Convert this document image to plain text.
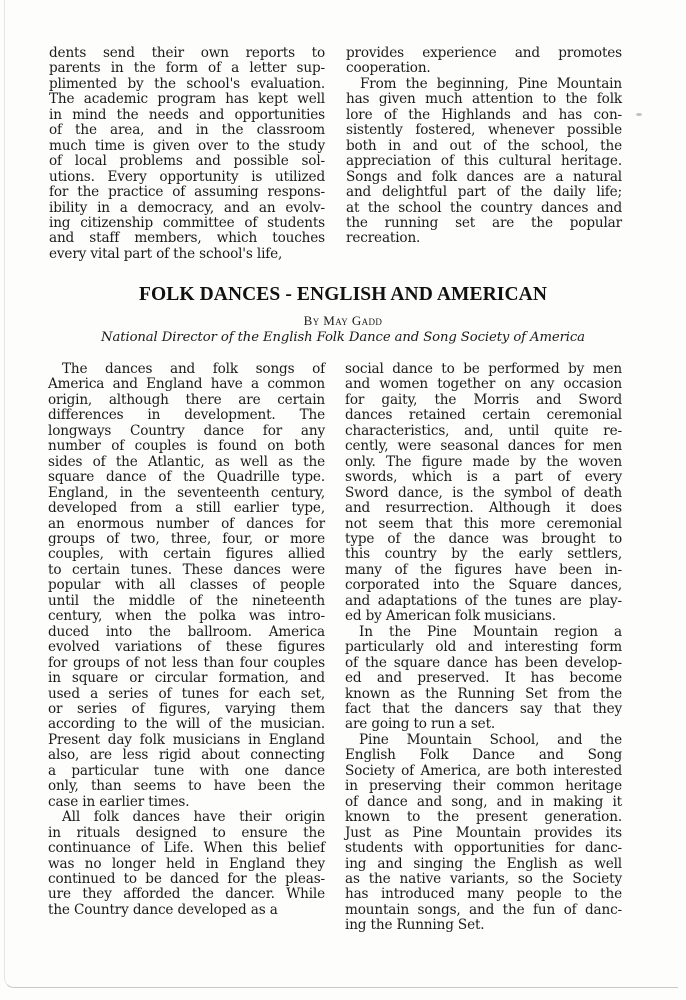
dents send their own reports to
parents in the form of a letter sup-
plimented by the school's evaluation.
The academic program has kept well
in mind the needs and opportunities
of the area, and in the classroom
much time is given over to the study
of local problems and possible sol-
utions. Every opportunity is utilized
for the practice of assuming respons-
ibility in a democracy, and an evolv-
ing citizenship committee of students
and staff members, which touches
every vital part of the school's life,
provides experience and promotes
cooperation.
From the beginning, Pine Mountain
has given much attention to the folk
lore of the Highlands and has con-
sistently fostered, whenever possible
both in and out of the school, the
appreciation of this cultural heritage.
Songs and folk dances are a natural
and delightful part of the daily life;
at the school the country dances and
the running set are the popular
recreation.
FOLK DANCES - ENGLISH AND AMERICAN
By May Gadd
National Director of the English Folk Dance and Song Society of America
The dances and folk songs of
America and England have a common
origin, although there are certain
differences in development. The
longways Country dance for any
number of couples is found on both
sides of the Atlantic, as well as the
square dance of the Quadrille type.
England, in the seventeenth century,
developed from a still earlier type,
an enormous number of dances for
groups of two, three, four, or more
couples, with certain figures allied
to certain tunes. These dances were
popular with all classes of people
until the middle of the nineteenth
century, when the polka was intro-
duced into the ballroom. America
evolved variations of these figures
for groups of not less than four couples
in square or circular formation, and
used a series of tunes for each set,
or series of figures, varying them
according to the will of the musician.
Present day folk musicians in England
also, are less rigid about connecting
a particular tune with one dance
only, than seems to have been the
case in earlier times.
All folk dances have their origin
in rituals designed to ensure the
continuance of Life. When this belief
was no longer held in England they
continued to be danced for the pleas-
ure they afforded the dancer. While
the Country dance developed as a
social dance to be performed by men
and women together on any occasion
for gaity, the Morris and Sword
dances retained certain ceremonial
characteristics, and, until quite re-
cently, were seasonal dances for men
only. The figure made by the woven
swords, which is a part of every
Sword dance, is the symbol of death
and resurrection. Although it does
not seem that this more ceremonial
type of the dance was brought to
this country by the early settlers,
many of the figures have been in-
corporated into the Square dances,
and adaptations of the tunes are play-
ed by American folk musicians.
In the Pine Mountain region a
particularly old and interesting form
of the square dance has been develop-
ed and preserved. It has become
known as the Running Set from the
fact that the dancers say that they
are going to run a set.
Pine Mountain School, and the
English Folk Dance and Song
Society of America, are both interested
in preserving their common heritage
of dance and song, and in making it
known to the present generation.
Just as Pine Mountain provides its
students with opportunities for danc-
ing and singing the English as well
as the native variants, so the Society
has introduced many people to the
mountain songs, and the fun of danc-
ing the Running Set.
